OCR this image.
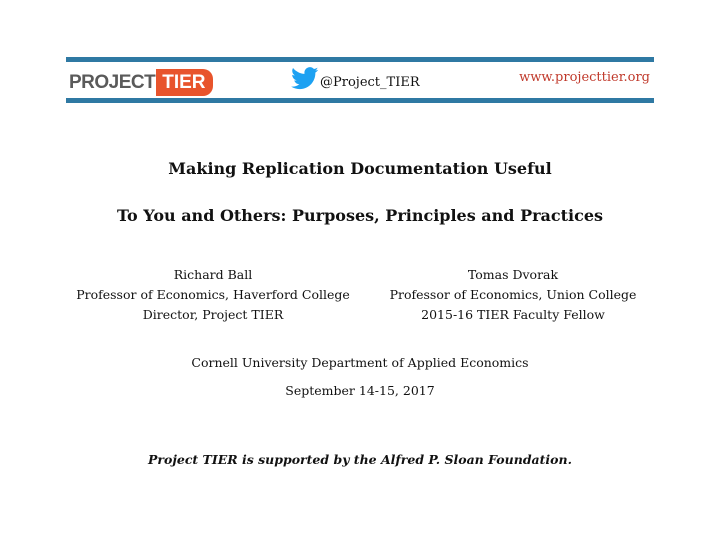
PROJECT TIER	@Project_TIER	www.projecttier.org
Making Replication Documentation Useful
To You and Others: Purposes, Principles and Practices
Richard Ball
Professor of Economics, Haverford College
Director, Project TIER
Tomas Dvorak
Professor of Economics, Union College
2015-16 TIER Faculty Fellow
Cornell University Department of Applied Economics
September 14-15, 2017
Project TIER is supported by the Alfred P. Sloan Foundation.
